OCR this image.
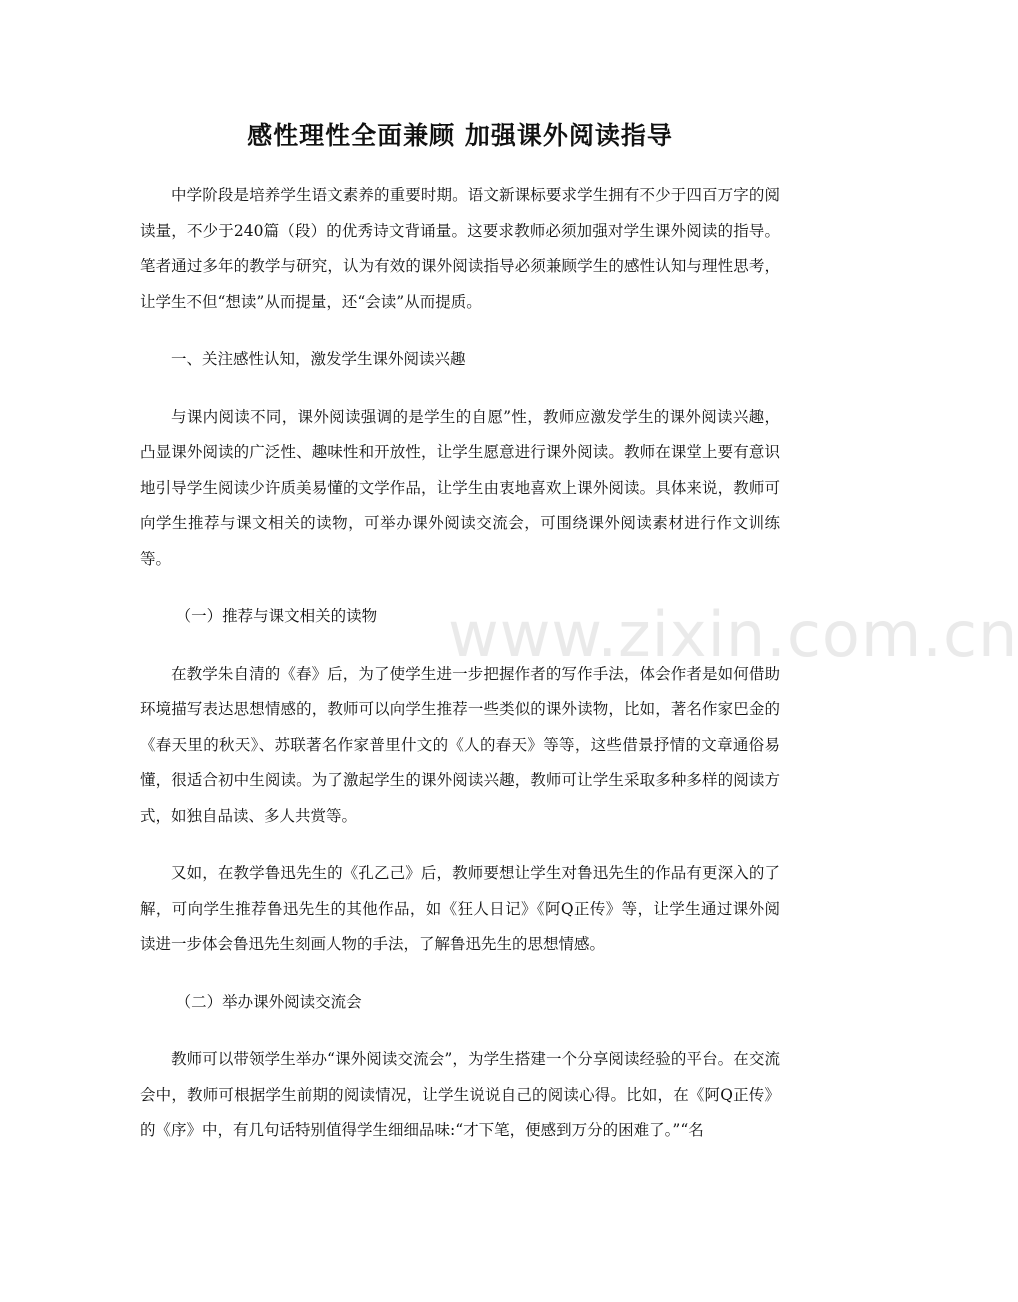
感性理性全面兼顾 加强课外阅读指导

中学阶段是培养学生语文素养的重要时期。语文新课标要求学生拥有不少于四百万字的阅读量，不少于240篇（段）的优秀诗文背诵量。这要求教师必须加强对学生课外阅读的指导。笔者通过多年的教学与研究，认为有效的课外阅读指导必须兼顾学生的感性认知与理性思考，让学生不但“想读”从而提量，还“会读”从而提质。

一、关注感性认知，激发学生课外阅读兴趣

与课内阅读不同，课外阅读强调的是学生的自愿”性，教师应激发学生的课外阅读兴趣，凸显课外阅读的广泛性、趣味性和开放性，让学生愿意进行课外阅读。教师在课堂上要有意识地引导学生阅读少许质美易懂的文学作品，让学生由衷地喜欢上课外阅读。具体来说，教师可向学生推荐与课文相关的读物，可举办课外阅读交流会，可围绕课外阅读素材进行作文训练等。

（一）推荐与课文相关的读物

在教学朱自清的《春》后，为了使学生进一步把握作者的写作手法，体会作者是如何借助环境描写表达思想情感的，教师可以向学生推荐一些类似的课外读物，比如，著名作家巴金的《春天里的秋天》、苏联著名作家普里什文的《人的春天》等等，这些借景抒情的文章通俗易懂，很适合初中生阅读。为了激起学生的课外阅读兴趣，教师可让学生采取多种多样的阅读方式，如独自品读、多人共赏等。

又如，在教学鲁迅先生的《孔乙己》后，教师要想让学生对鲁迅先生的作品有更深入的了解，可向学生推荐鲁迅先生的其他作品，如《狂人日记》《阿Q正传》等，让学生通过课外阅读进一步体会鲁迅先生刻画人物的手法，了解鲁迅先生的思想情感。

（二）举办课外阅读交流会

教师可以带领学生举办“课外阅读交流会”，为学生搭建一个分享阅读经验的平台。在交流会中，教师可根据学生前期的阅读情况，让学生说说自己的阅读心得。比如，在《阿Q正传》的《序》中，有几句话特别值得学生细细品味:“才下笔，便感到万分的困难了。”“名

www.zixin.com.cn
